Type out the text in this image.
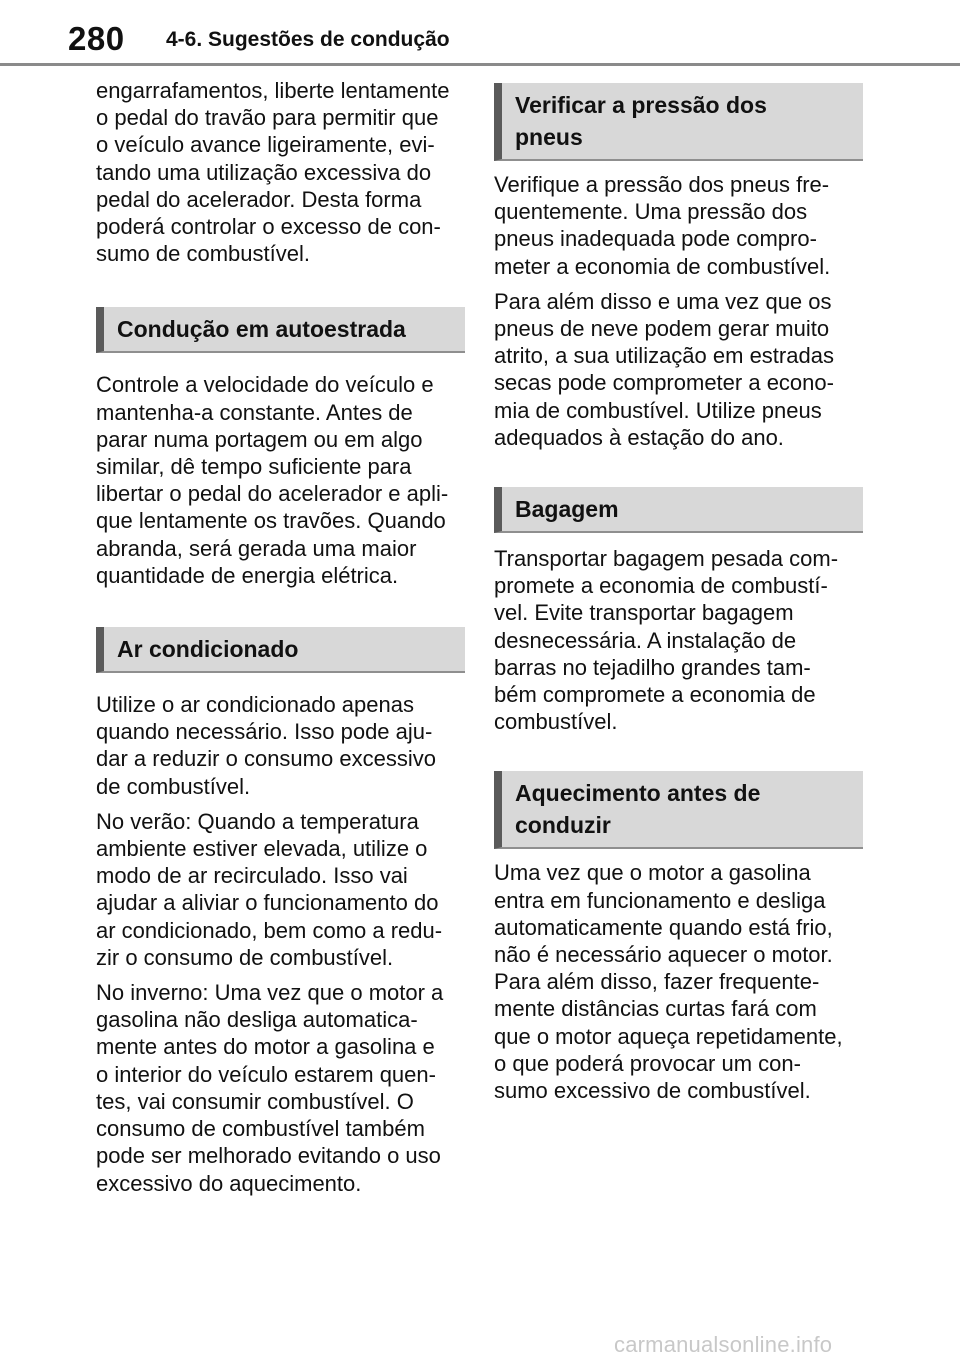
280 4-6. Sugestões de condução
engarrafamentos, liberte lentamente
o pedal do travão para permitir que
o veículo avance ligeiramente, evi-
tando uma utilização excessiva do
pedal do acelerador. Desta forma
poderá controlar o excesso de con-
sumo de combustível.
Condução em autoestrada
Controle a velocidade do veículo e
mantenha-a constante. Antes de
parar numa portagem ou em algo
similar, dê tempo suficiente para
libertar o pedal do acelerador e apli-
que lentamente os travões. Quando
abranda, será gerada uma maior
quantidade de energia elétrica.
Ar condicionado
Utilize o ar condicionado apenas
quando necessário. Isso pode aju-
dar a reduzir o consumo excessivo
de combustível.
No verão: Quando a temperatura
ambiente estiver elevada, utilize o
modo de ar recirculado. Isso vai
ajudar a aliviar o funcionamento do
ar condicionado, bem como a redu-
zir o consumo de combustível.
No inverno: Uma vez que o motor a
gasolina não desliga automatica-
mente antes do motor a gasolina e
o interior do veículo estarem quen-
tes, vai consumir combustível. O
consumo de combustível também
pode ser melhorado evitando o uso
excessivo do aquecimento.
Verificar a pressão dos
pneus
Verifique a pressão dos pneus fre-
quentemente. Uma pressão dos
pneus inadequada pode compro-
meter a economia de combustível.
Para além disso e uma vez que os
pneus de neve podem gerar muito
atrito, a sua utilização em estradas
secas pode comprometer a econo-
mia de combustível. Utilize pneus
adequados à estação do ano.
Bagagem
Transportar bagagem pesada com-
promete a economia de combustí-
vel. Evite transportar bagagem
desnecessária. A instalação de
barras no tejadilho grandes tam-
bém compromete a economia de
combustível.
Aquecimento antes de
conduzir
Uma vez que o motor a gasolina
entra em funcionamento e desliga
automaticamente quando está frio,
não é necessário aquecer o motor.
Para além disso, fazer frequente-
mente distâncias curtas fará com
que o motor aqueça repetidamente,
o que poderá provocar um con-
sumo excessivo de combustível.
carmanualsonline.info
